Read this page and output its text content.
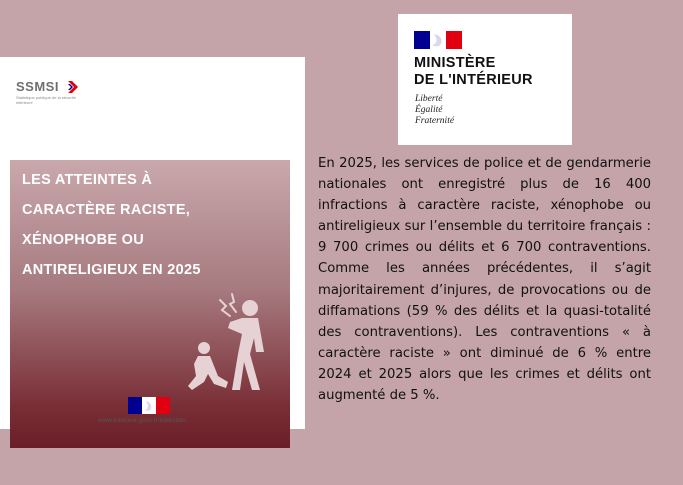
SSMSI
Statistique publique de la sécurité intérieure
LES ATTEINTES À
CARACTÈRE RACISTE,
XÉNOPHOBE OU
ANTIRELIGIEUX EN 2025
www.interieur.gouv.fr/interstats
MINISTÈRE
DE L'INTÉRIEUR
Liberté
Égalité
Fraternité
En 2025, les services de police et de gendarmerie nationales ont enregistré plus de 16 400 infractions à caractère raciste, xénophobe ou antireligieux sur l’ensemble du territoire français : 9 700 crimes ou délits et 6 700 contraventions. Comme les années précédentes, il s’agit majoritairement d’injures, de provocations ou de diffamations (59 % des délits et la quasi-totalité des contraventions). Les contraventions « à caractère raciste » ont diminué de 6 % entre 2024 et 2025 alors que les crimes et délits ont augmenté de 5 %.
